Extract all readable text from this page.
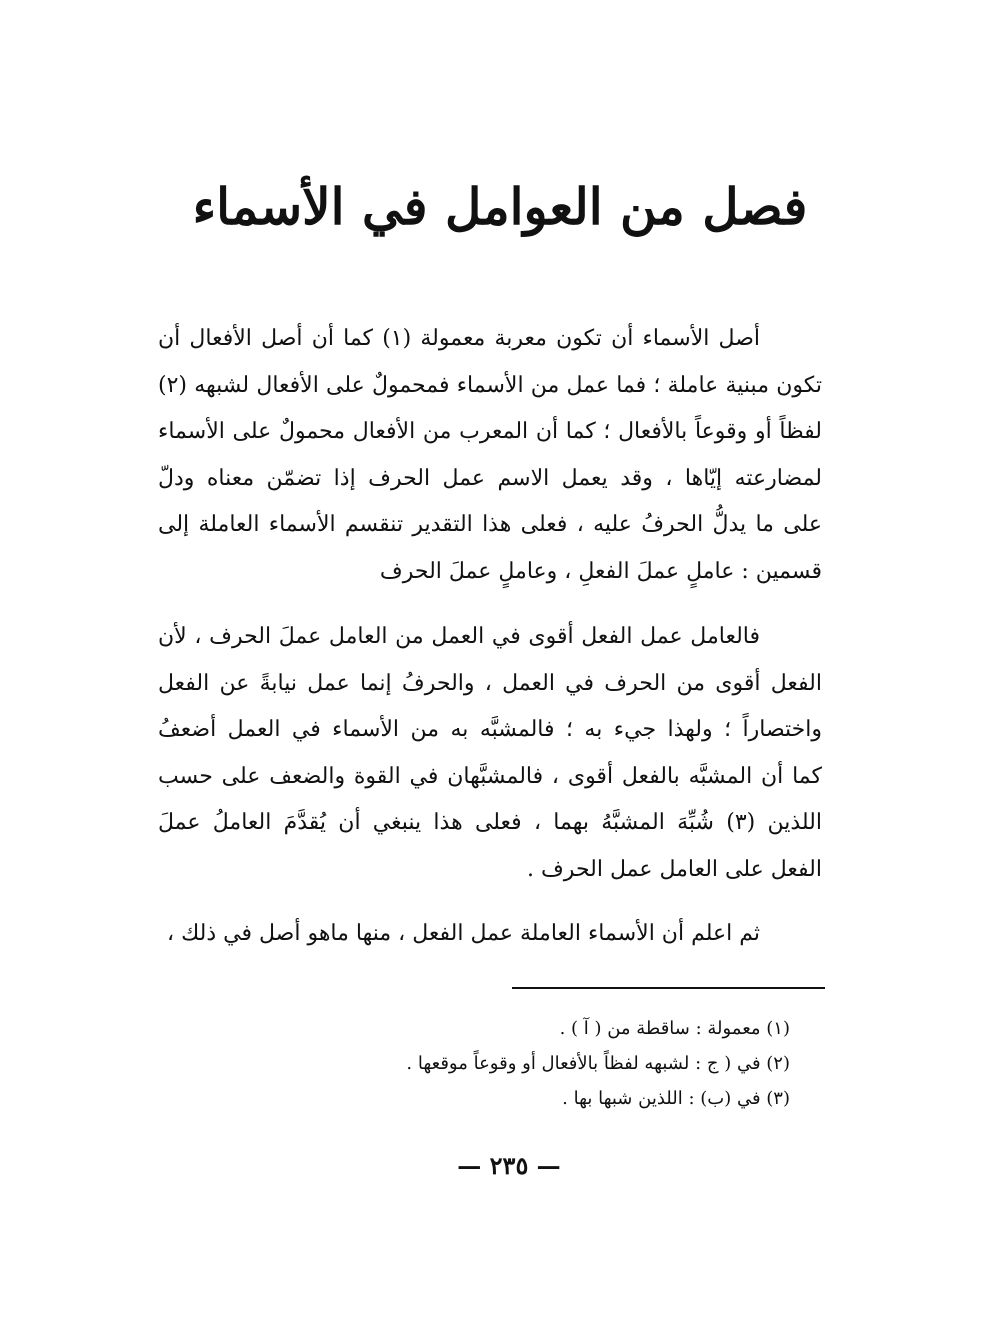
فصل من العوامل في الأسماء
أصل الأسماء أن تكون معربة معمولة (١) كما أن أصل الأفعال أن
تكون مبنية عاملة ؛ فما عمل من الأسماء فمحمولٌ على الأفعال لشبهه (٢)
لفظاً أو وقوعاً بالأفعال ؛ كما أن المعرب من الأفعال محمولٌ على الأسماء
لمضارعته إيّاها ، وقد يعمل الاسم عمل الحرف إذا تضمّن معناه ودلّ
على ما يدلُّ الحرفُ عليه ، فعلى هذا التقدير تنقسم الأسماء العاملة إلى
قسمين : عاملٍ عملَ الفعلِ ، وعاملٍ عملَ الحرف
فالعامل عمل الفعل أقوى في العمل من العامل عملَ الحرف ، لأن
الفعل أقوى من الحرف في العمل ، والحرفُ إنما عمل نيابةً عن الفعل
واختصاراً ؛ ولهذا جيء به ؛ فالمشبَّه به من الأسماء في العمل أضعفُ
كما أن المشبَّه بالفعل أقوى ، فالمشبَّهان في القوة والضعف على حسب
اللذين (٣) شُبِّهَ المشبَّهُ بهما ، فعلى هذا ينبغي أن يُقدَّمَ العاملُ عملَ
الفعل على العامل عمل الحرف .
ثم اعلم أن الأسماء العاملة عمل الفعل ، منها ماهو أصل في ذلك ،
(١) معمولة : ساقطة من ( آ ) .
(٢) في ( ج : لشبهه لفظاً بالأفعال أو وقوعاً موقعها .
(٣) في (ب) : اللذين شبها بها .
— ٢٣٥ —
